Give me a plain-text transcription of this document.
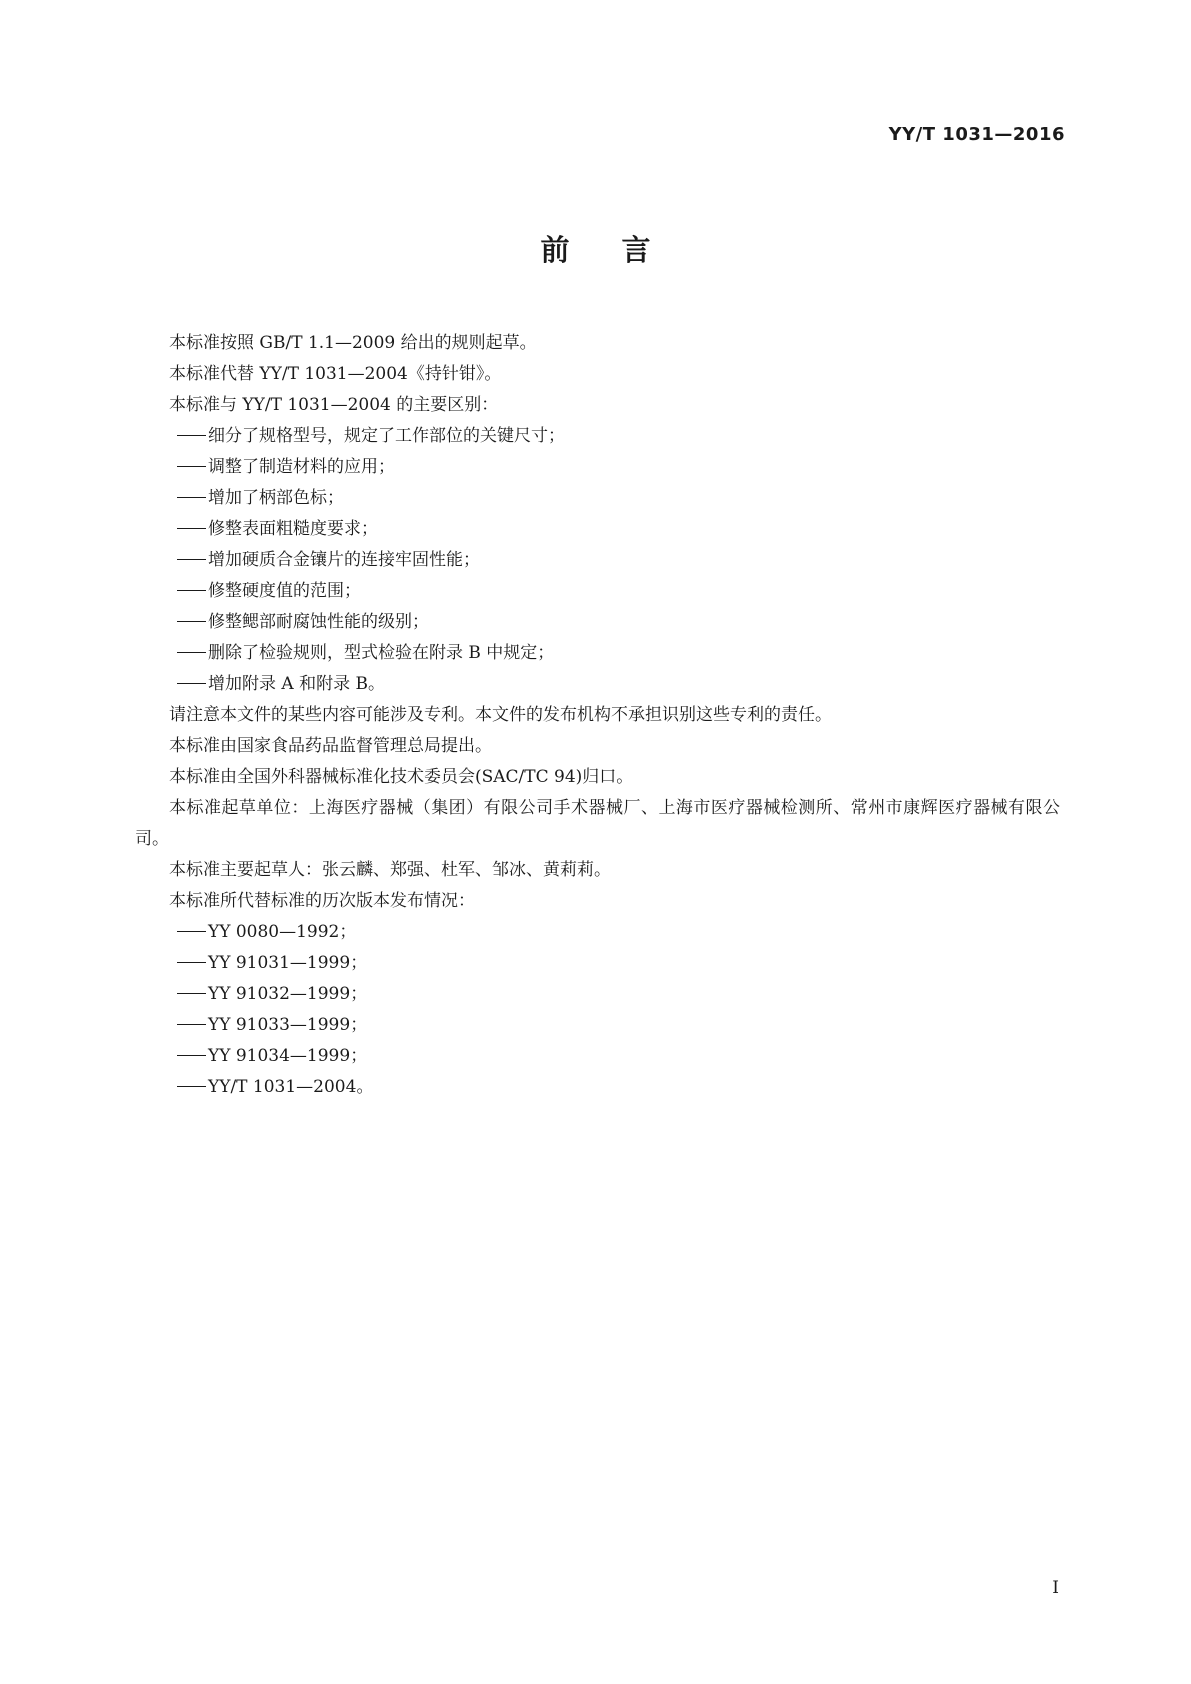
YY/T 1031—2016
前言

本标准按照 GB/T 1.1—2009 给出的规则起草。

本标准代替 YY/T 1031—2004《持针钳》。

本标准与 YY/T 1031—2004 的主要区别：

细分了规格型号，规定了工作部位的关键尺寸；

调整了制造材料的应用；

增加了柄部色标；

修整表面粗糙度要求；

增加硬质合金镶片的连接牢固性能；

修整硬度值的范围；

修整鳃部耐腐蚀性能的级别；

删除了检验规则，型式检验在附录 B 中规定；

增加附录 A 和附录 B。

请注意本文件的某些内容可能涉及专利。本文件的发布机构不承担识别这些专利的责任。

本标准由国家食品药品监督管理总局提出。

本标准由全国外科器械标准化技术委员会(SAC/TC 94)归口。

本标准起草单位：上海医疗器械（集团）有限公司手术器械厂、上海市医疗器械检测所、常州市康辉医疗器械有限公司。

本标准主要起草人：张云麟、郑强、杜军、邹冰、黄莉莉。

本标准所代替标准的历次版本发布情况：

YY 0080—1992；

YY 91031—1999；

YY 91032—1999；

YY 91033—1999；

YY 91034—1999；

YY/T 1031—2004。

I
